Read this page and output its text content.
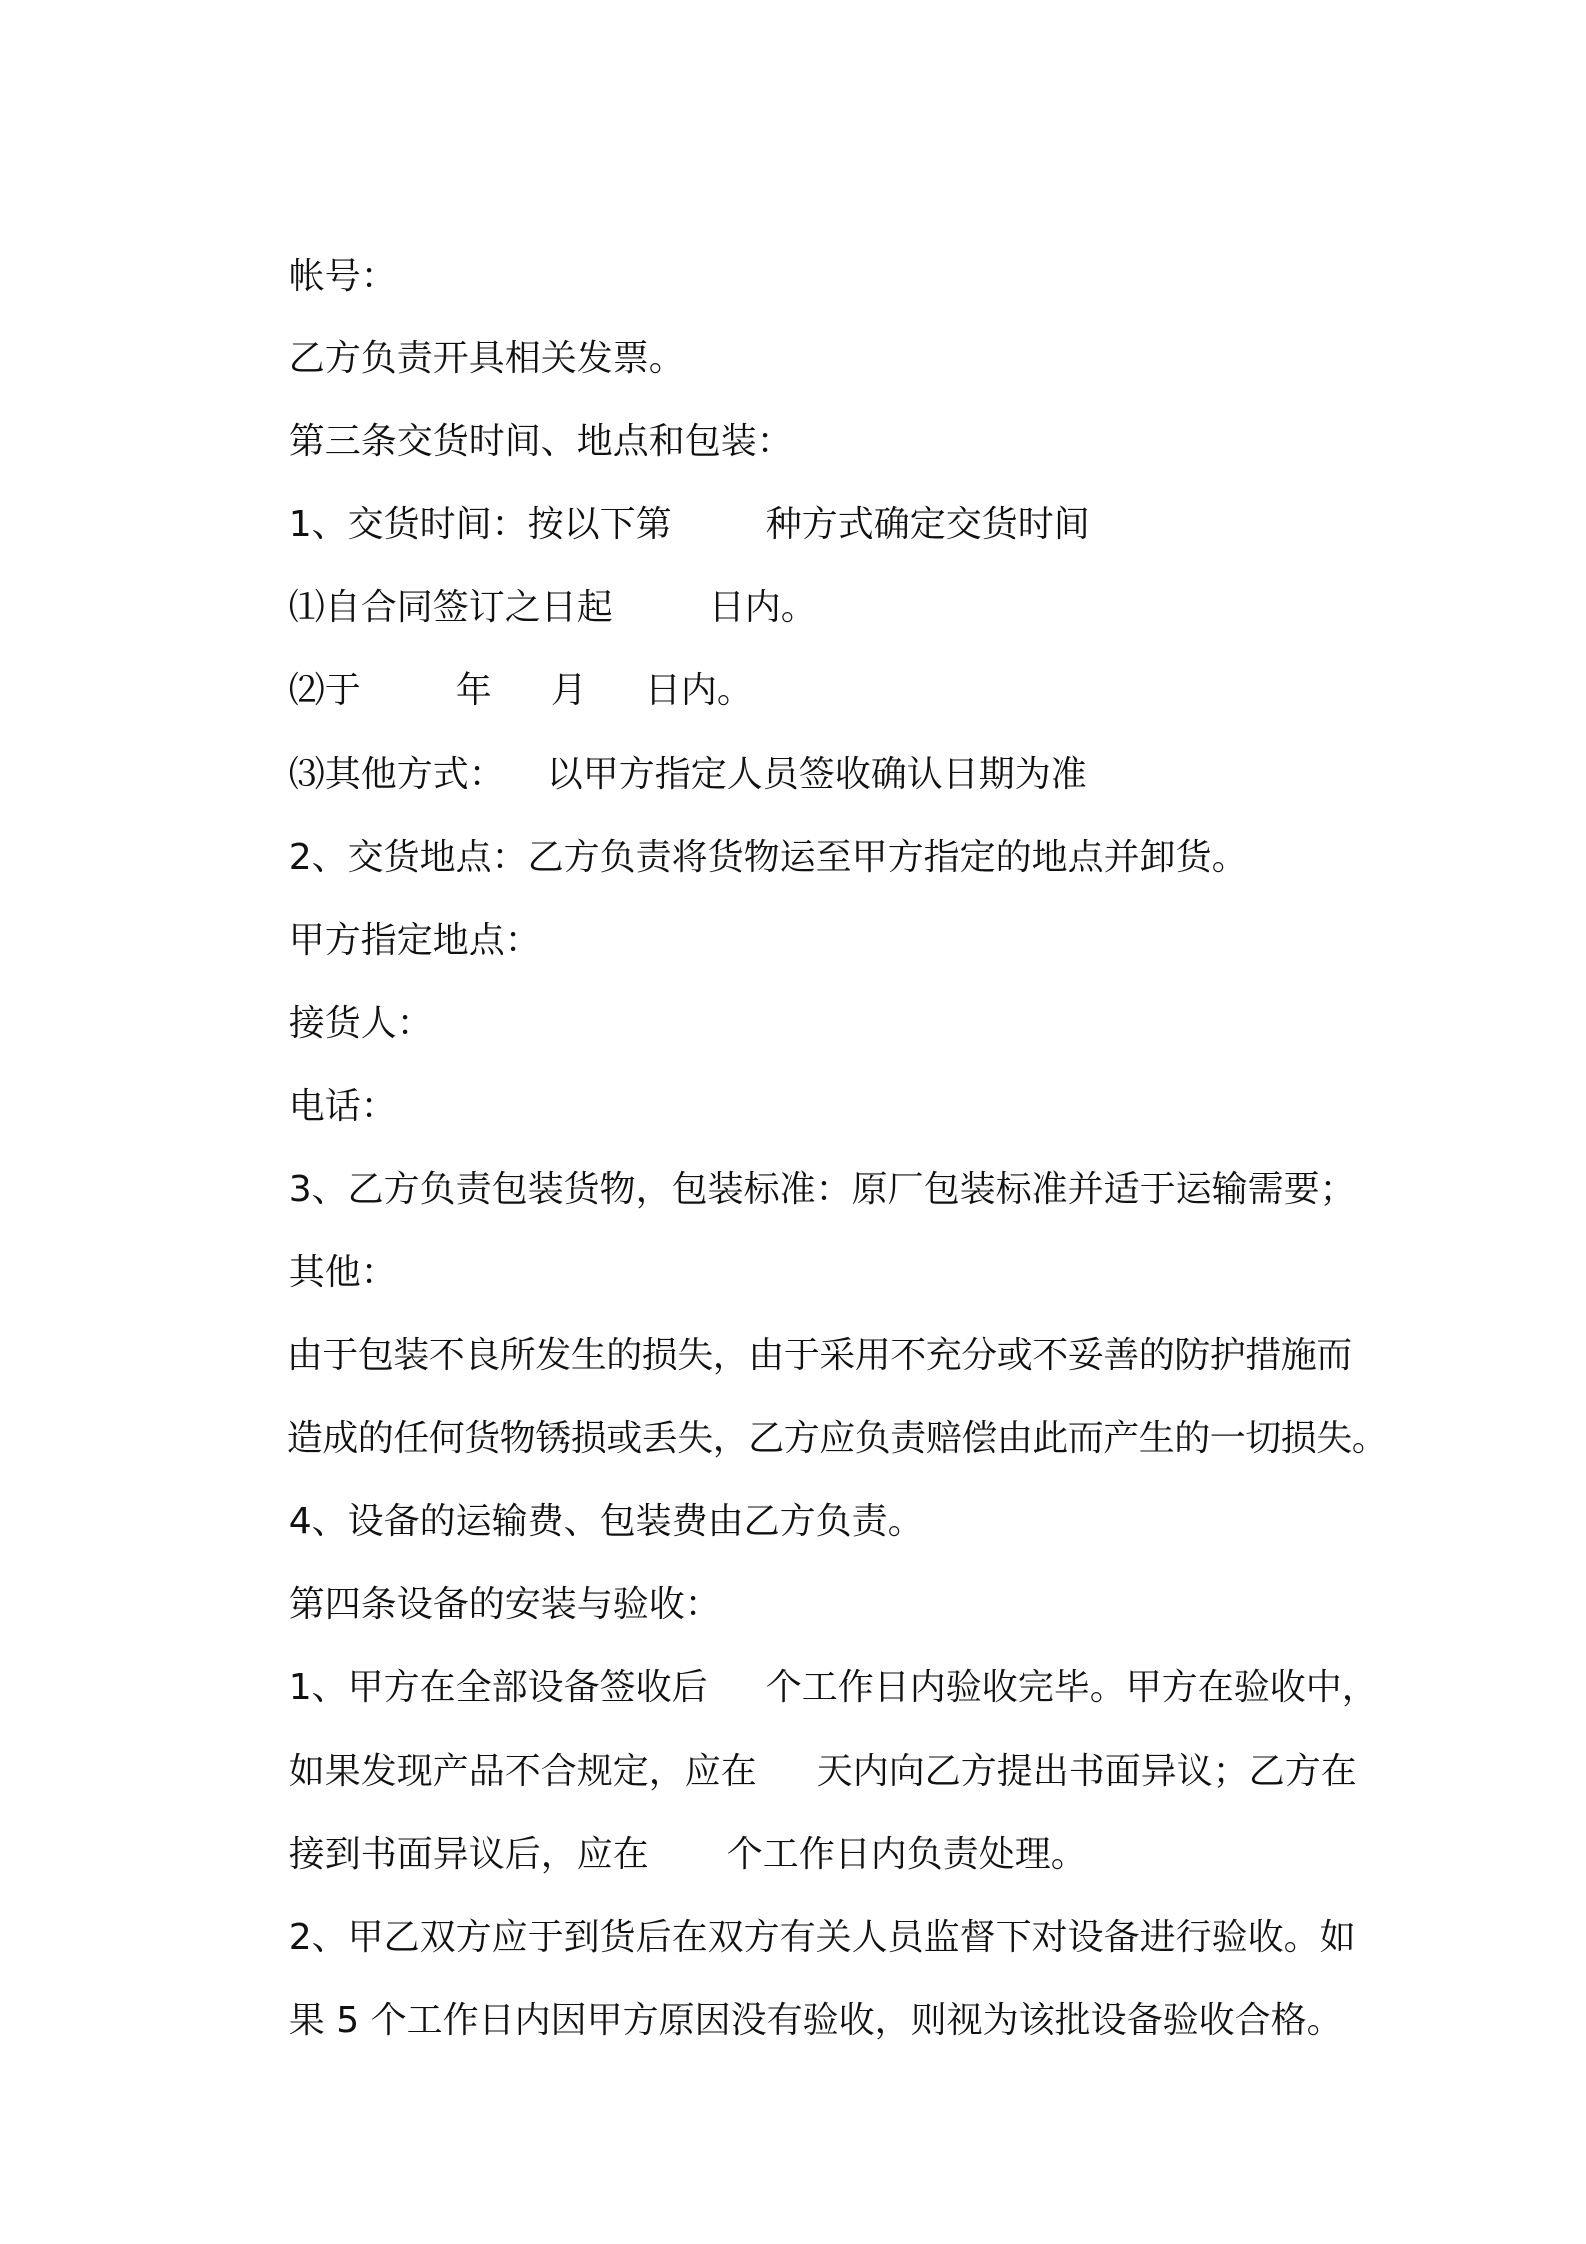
帐号：

乙方负责开具相关发票。

第三条交货时间、地点和包装：

1、交货时间：按以下第	种方式确定交货时间

⑴自合同签订之日起	日内。

⑵于	年 月 日内。

⑶其他方式： 以甲方指定人员签收确认日期为准

2、交货地点：乙方负责将货物运至甲方指定的地点并卸货。

甲方指定地点：

接货人：

电话：

3、乙方负责包装货物，包装标准：原厂包装标准并适于运输需要；

其他：

由于包装不良所发生的损失，由于采用不充分或不妥善的防护措施而

造成的任何货物锈损或丢失，乙方应负责赔偿由此而产生的一切损失。

4、设备的运输费、包装费由乙方负责。

第四条设备的安装与验收：

1、甲方在全部设备签收后 个工作日内验收完毕。甲方在验收中，

如果发现产品不合规定，应在 天内向乙方提出书面异议；乙方在

接到书面异议后，应在 个工作日内负责处理。

2、甲乙双方应于到货后在双方有关人员监督下对设备进行验收。如

果 5 个工作日内因甲方原因没有验收，则视为该批设备验收合格。
